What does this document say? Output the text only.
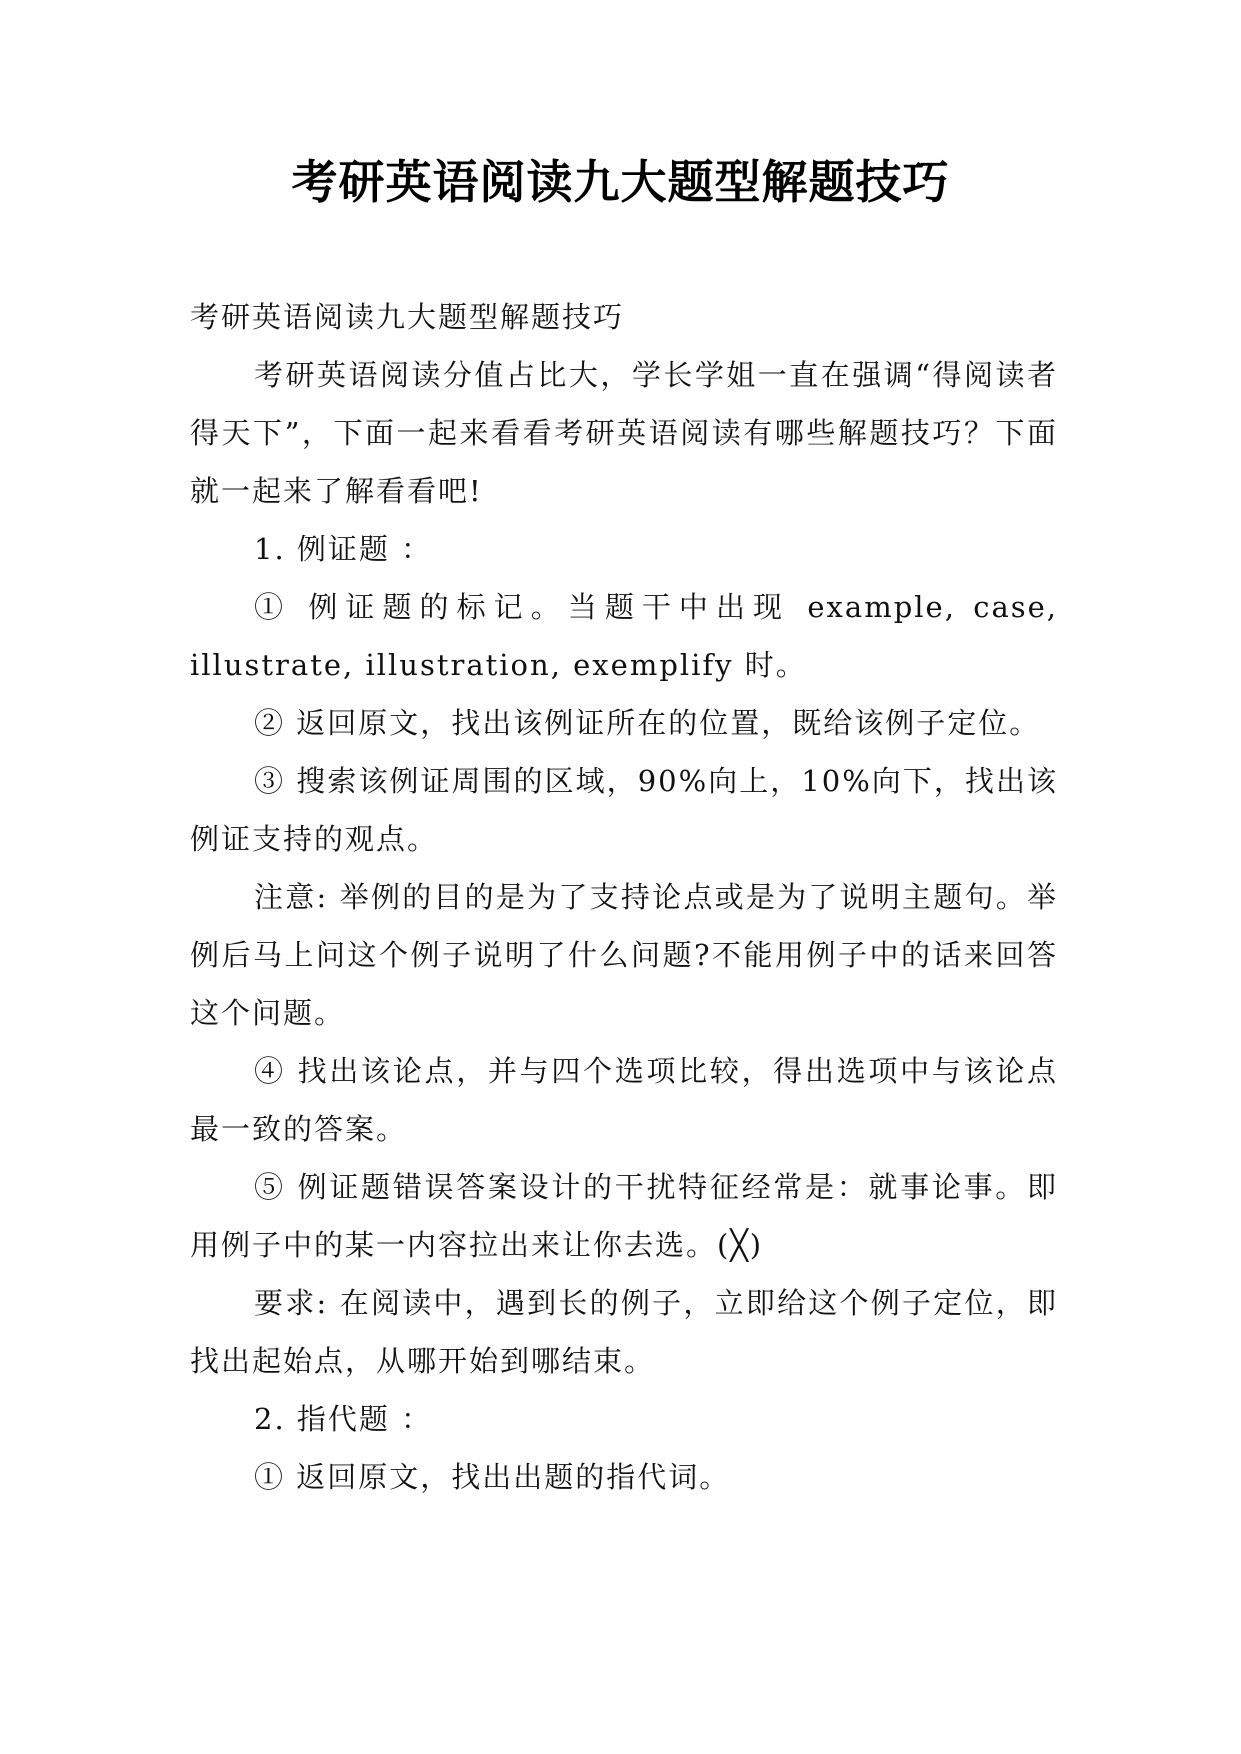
考研英语阅读九大题型解题技巧

考研英语阅读九大题型解题技巧

考研英语阅读分值占比大，学长学姐一直在强调“得阅读者得天下”，下面一起来看看考研英语阅读有哪些解题技巧？下面就一起来了解看看吧!

1. 例证题 ：

① 例证题的标记。当题干中出现 example, case, illustrate, illustration, exemplify 时。

② 返回原文，找出该例证所在的位置，既给该例子定位。

③ 搜索该例证周围的区域，90%向上，10%向下，找出该例证支持的观点。

注意: 举例的目的是为了支持论点或是为了说明主题句。举例后马上问这个例子说明了什么问题?不能用例子中的话来回答这个问题。

④ 找出该论点，并与四个选项比较，得出选项中与该论点最一致的答案。

⑤ 例证题错误答案设计的干扰特征经常是：就事论事。即用例子中的某一内容拉出来让你去选。(╳)

要求: 在阅读中，遇到长的例子，立即给这个例子定位，即找出起始点，从哪开始到哪结束。

2. 指代题 ：

① 返回原文，找出出题的指代词。
